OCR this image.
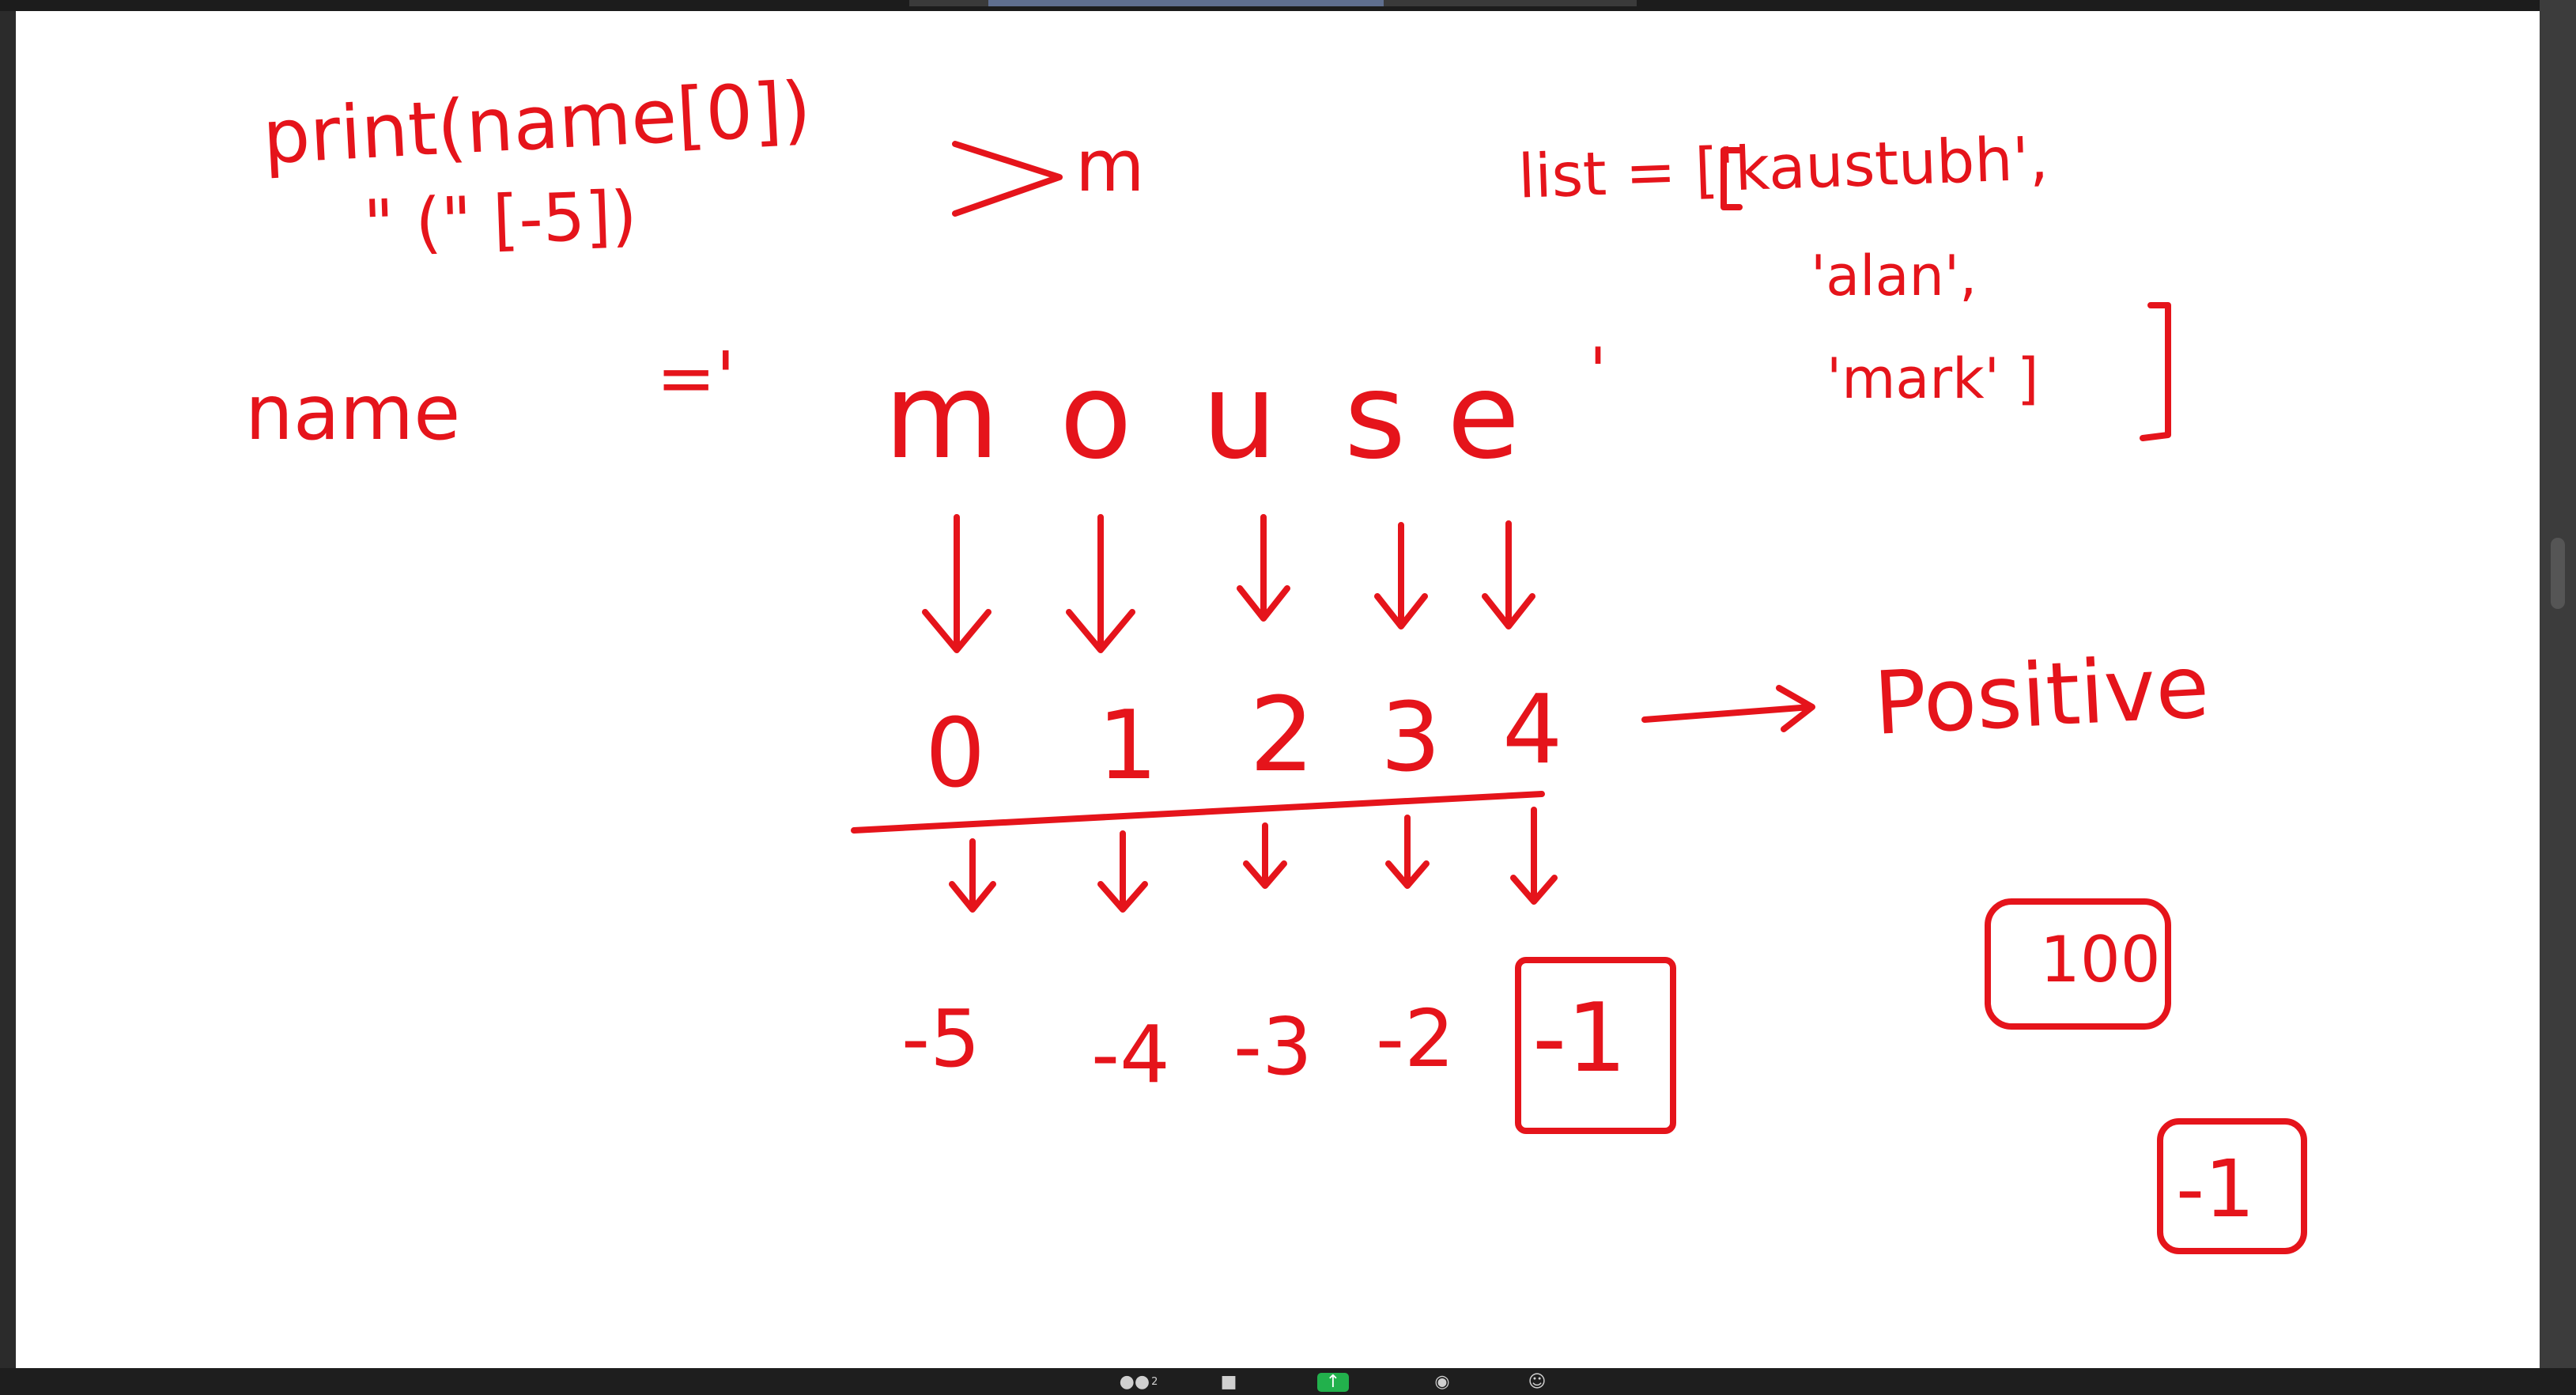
print(name[0])
" (" [-5])
m
name	=' m o u s e '
0 1 2 3 4	Positive
-5 -4 -3 -2 -1
list = ['kaustubh',
'alan',
'mark' ]
100
-1
●● $^2$	■	↑	◉	☺
